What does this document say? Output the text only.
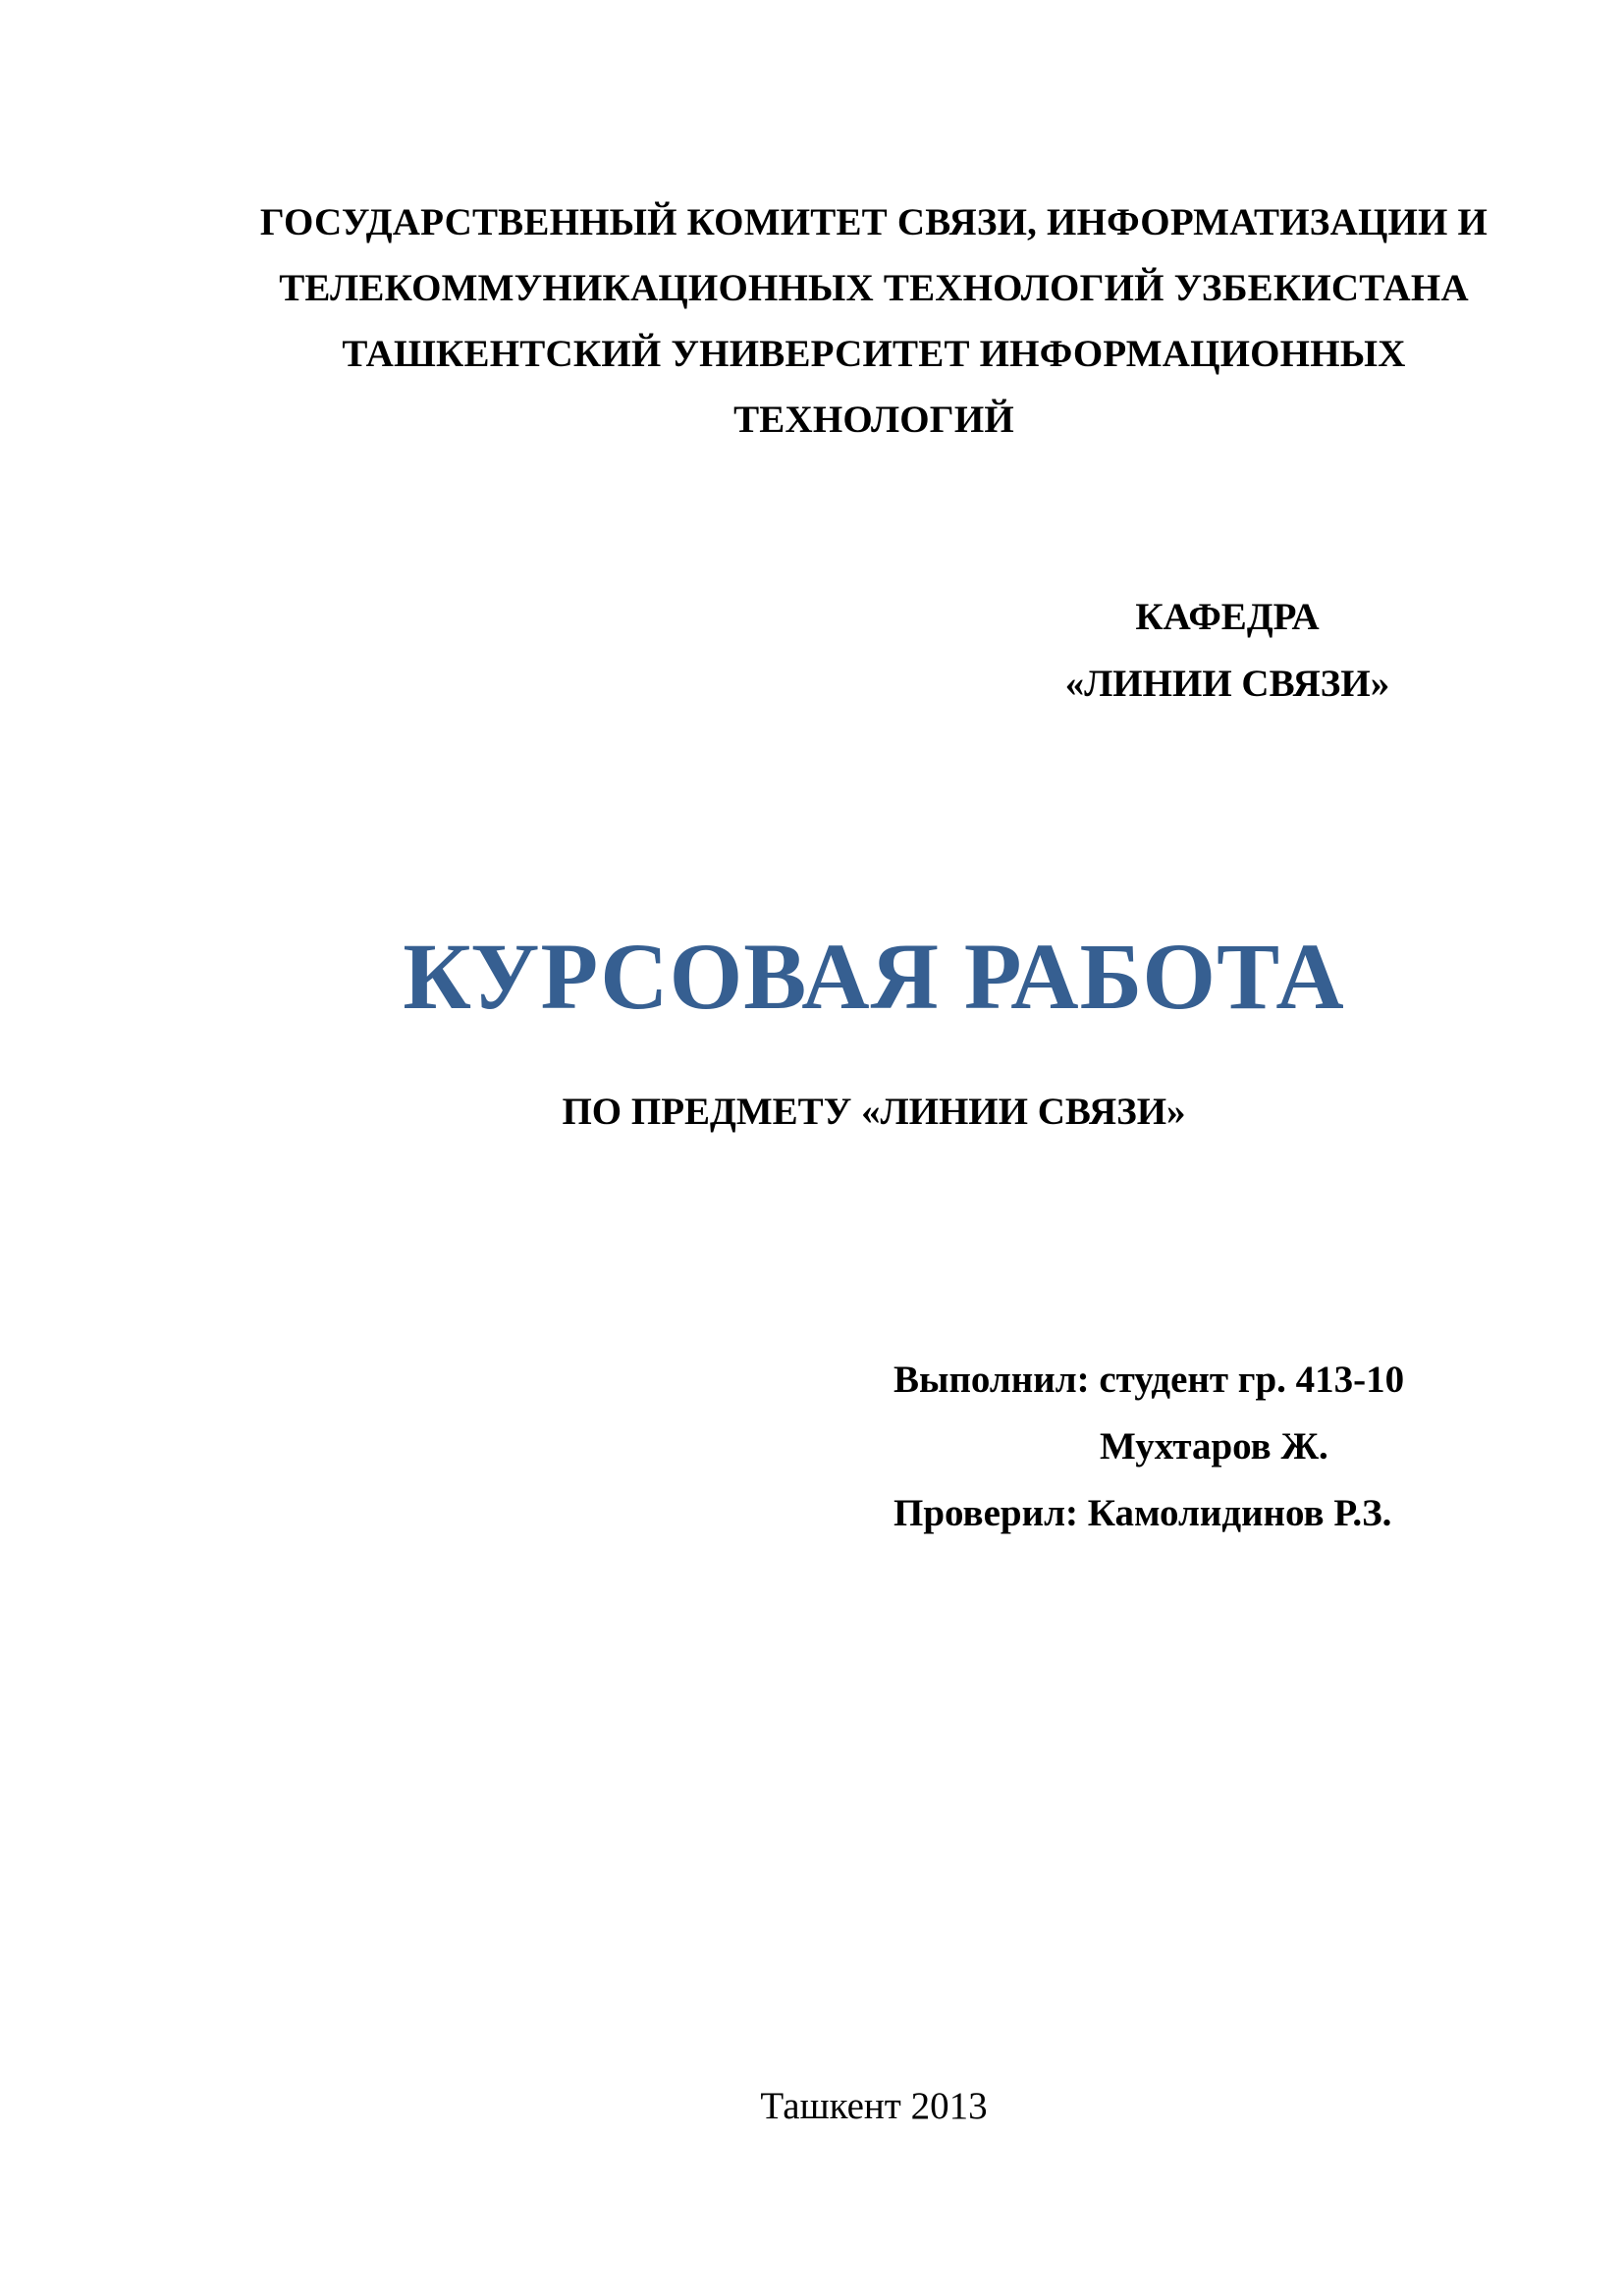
ГОСУДАРСТВЕННЫЙ КОМИТЕТ СВЯЗИ, ИНФОРМАТИЗАЦИИ И
ТЕЛЕКОММУНИКАЦИОННЫХ ТЕХНОЛОГИЙ УЗБЕКИСТАНА
ТАШКЕНТСКИЙ УНИВЕРСИТЕТ ИНФОРМАЦИОННЫХ
ТЕХНОЛОГИЙ
КАФЕДРА
«ЛИНИИ СВЯЗИ»
КУРСОВАЯ РАБОТА
ПО ПРЕДМЕТУ «ЛИНИИ СВЯЗИ»
Выполнил: студент гр. 413-10
Мухтаров Ж.
Проверил: Камолидинов Р.З.
Ташкент 2013
